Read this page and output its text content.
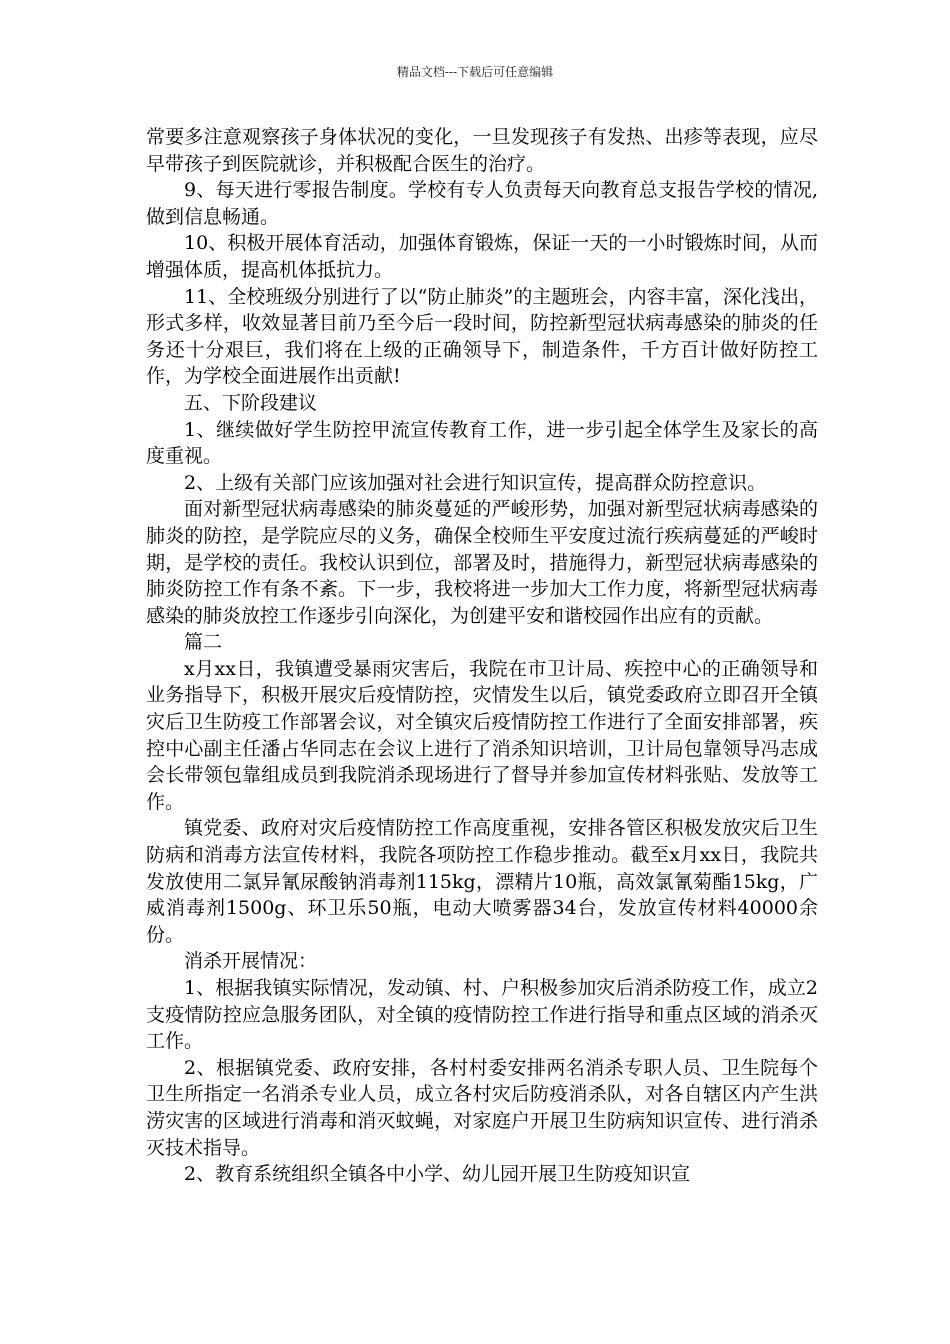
精品文档---下载后可任意编辑

常要多注意观察孩子身体状况的变化，一旦发现孩子有发热、出疹等表现，应尽早带孩子到医院就诊，并积极配合医生的治疗。

9、每天进行零报告制度。学校有专人负责每天向教育总支报告学校的情况,做到信息畅通。

10、积极开展体育活动，加强体育锻炼，保证一天的一小时锻炼时间，从而增强体质，提高机体抵抗力。

11、全校班级分别进行了以“防止肺炎”的主题班会，内容丰富，深化浅出，形式多样，收效显著目前乃至今后一段时间，防控新型冠状病毒感染的肺炎的任务还十分艰巨，我们将在上级的正确领导下，制造条件，千方百计做好防控工作，为学校全面进展作出贡献!

五、下阶段建议

1、继续做好学生防控甲流宣传教育工作，进一步引起全体学生及家长的高度重视。

2、上级有关部门应该加强对社会进行知识宣传，提高群众防控意识。

面对新型冠状病毒感染的肺炎蔓延的严峻形势，加强对新型冠状病毒感染的肺炎的防控，是学院应尽的义务，确保全校师生平安度过流行疾病蔓延的严峻时期，是学校的责任。我校认识到位，部署及时，措施得力，新型冠状病毒感染的肺炎防控工作有条不紊。下一步，我校将进一步加大工作力度，将新型冠状病毒感染的肺炎放控工作逐步引向深化，为创建平安和谐校园作出应有的贡献。

篇二

x月xx日，我镇遭受暴雨灾害后，我院在市卫计局、疾控中心的正确领导和业务指导下，积极开展灾后疫情防控，灾情发生以后，镇党委政府立即召开全镇灾后卫生防疫工作部署会议，对全镇灾后疫情防控工作进行了全面安排部署，疾控中心副主任潘占华同志在会议上进行了消杀知识培训，卫计局包靠领导冯志成会长带领包靠组成员到我院消杀现场进行了督导并参加宣传材料张贴、发放等工作。

镇党委、政府对灾后疫情防控工作高度重视，安排各管区积极发放灾后卫生防病和消毒方法宣传材料，我院各项防控工作稳步推动。截至x月xx日，我院共发放使用二氯异氰尿酸钠消毒剂115kg，漂精片10瓶，高效氯氰菊酯15kg，广威消毒剂1500g、环卫乐50瓶，电动大喷雾器34台，发放宣传材料40000余份。

消杀开展情况：

1、根据我镇实际情况，发动镇、村、户积极参加灾后消杀防疫工作，成立2支疫情防控应急服务团队，对全镇的疫情防控工作进行指导和重点区域的消杀灭工作。

2、根据镇党委、政府安排，各村村委安排两名消杀专职人员、卫生院每个卫生所指定一名消杀专业人员，成立各村灾后防疫消杀队，对各自辖区内产生洪涝灾害的区域进行消毒和消灭蚊蝇，对家庭户开展卫生防病知识宣传、进行消杀灭技术指导。

2、教育系统组织全镇各中小学、幼儿园开展卫生防疫知识宣
